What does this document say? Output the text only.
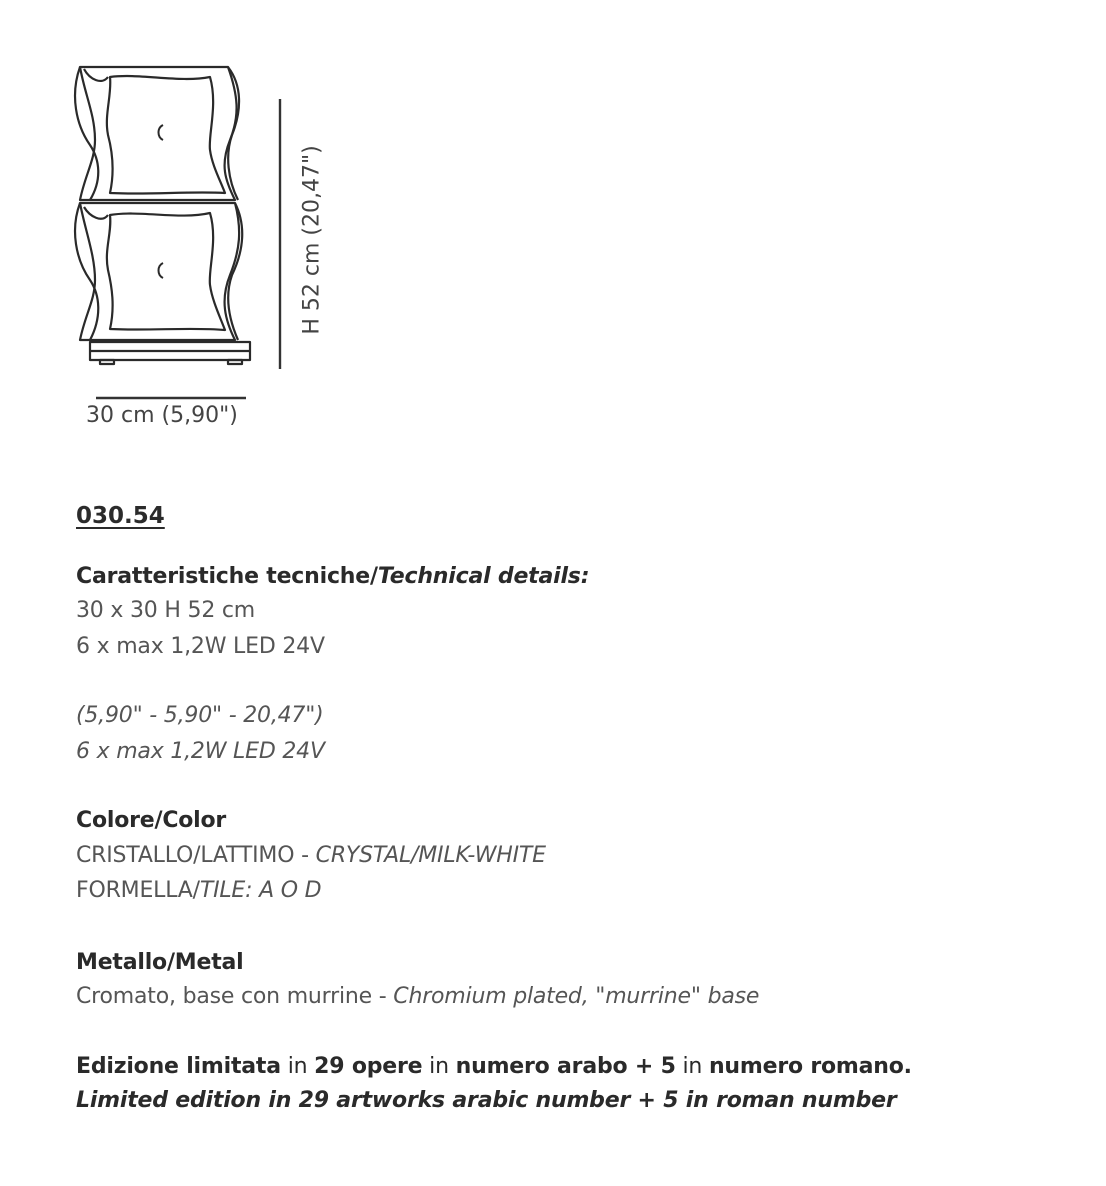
30 cm (5,90")
H 52 cm (20,47")
030.54
Caratteristiche tecniche/Technical details:
30 x 30 H 52 cm
6 x max 1,2W LED 24V
(5,90" - 5,90" - 20,47")
6 x max 1,2W LED 24V
Colore/Color
CRISTALLO/LATTIMO - CRYSTAL/MILK-WHITE
FORMELLA/TILE: A O D
Metallo/Metal
Cromato, base con murrine - Chromium plated, "murrine" base
Edizione limitata in 29 opere in numero arabo + 5 in numero romano.
Limited edition in 29 artworks arabic number + 5 in roman number
